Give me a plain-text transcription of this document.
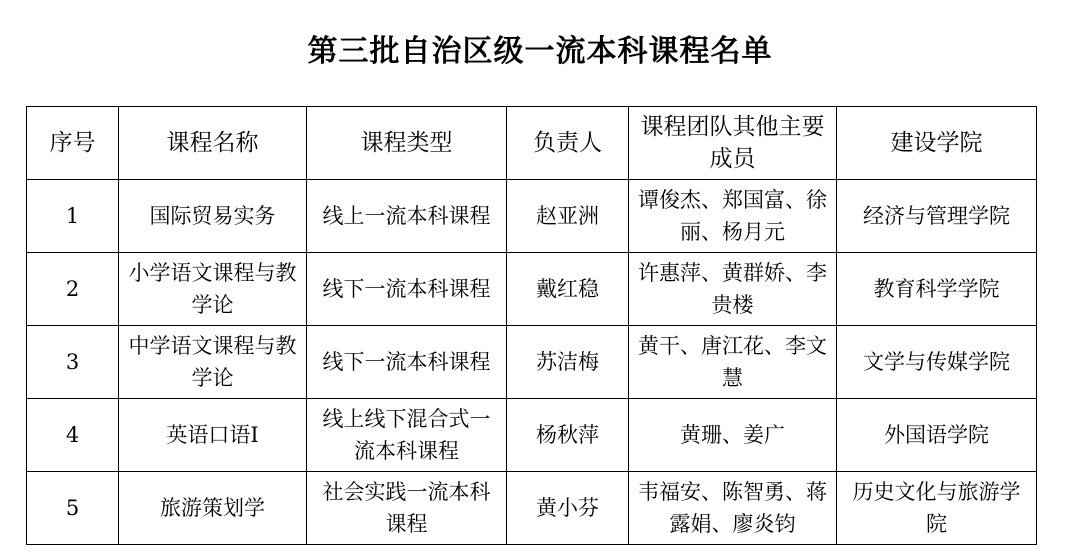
第三批自治区级一流本科课程名单
序号	课程名称	课程类型	负责人	课程团队其他主要成员	建设学院
1	国际贸易实务	线上一流本科课程	赵亚洲	谭俊杰、郑国富、徐丽、杨月元	经济与管理学院
2	小学语文课程与教学论	线下一流本科课程	戴红稳	许惠萍、黄群娇、李贵楼	教育科学学院
3	中学语文课程与教学论	线下一流本科课程	苏洁梅	黄干、唐江花、李文慧	文学与传媒学院
4	英语口语Ⅰ	线上线下混合式一流本科课程	杨秋萍	黄珊、姜广	外国语学院
5	旅游策划学	社会实践一流本科课程	黄小芬	韦福安、陈智勇、蒋露娟、廖炎钧	历史文化与旅游学院
